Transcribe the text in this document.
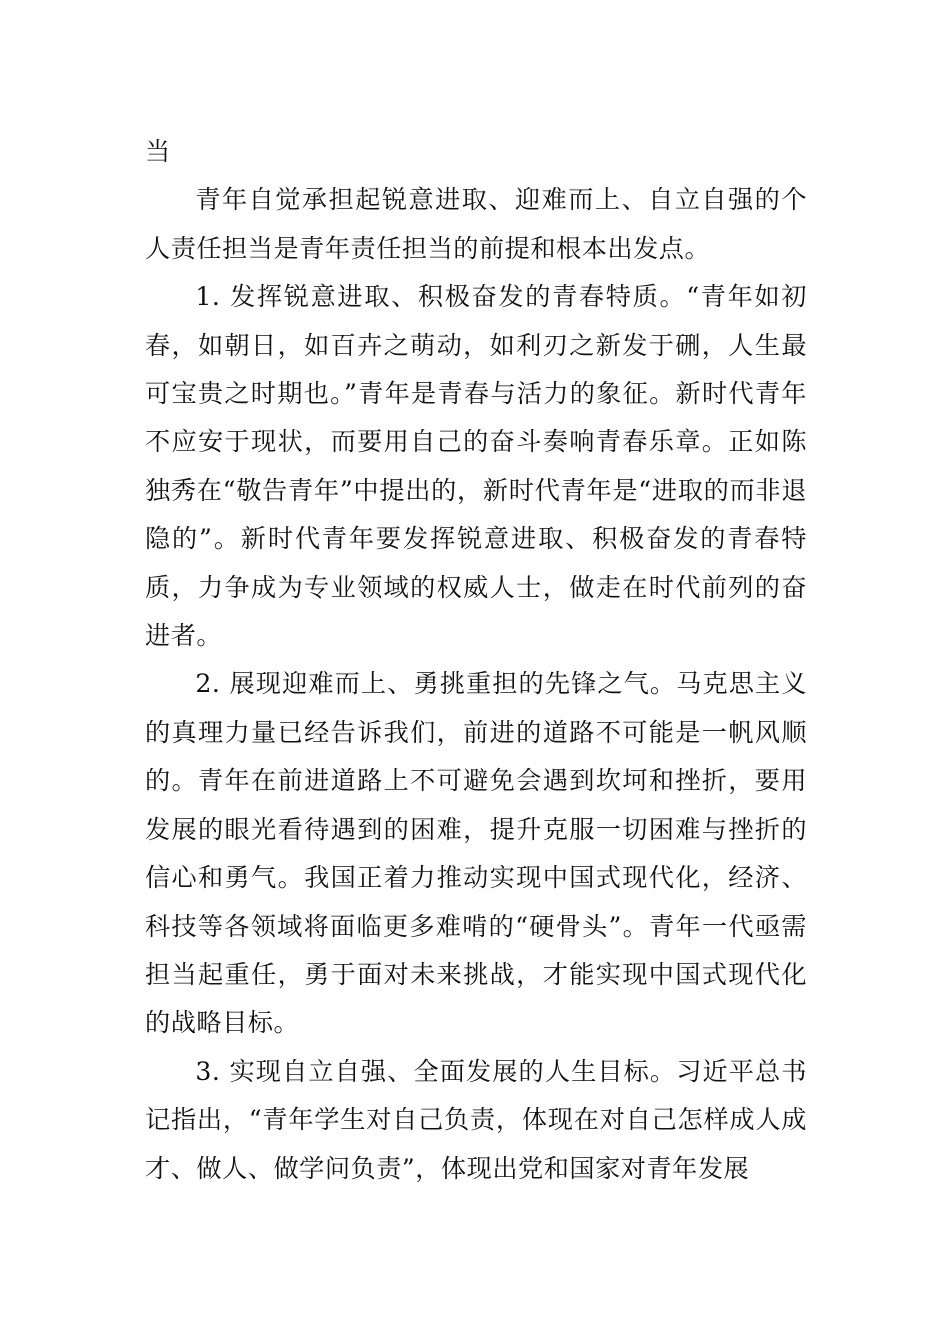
当

青年自觉承担起锐意进取、迎难而上、自立自强的个人责任担当是青年责任担当的前提和根本出发点。

1. 发挥锐意进取、积极奋发的青春特质。“青年如初春，如朝日，如百卉之萌动，如利刃之新发于硎，人生最可宝贵之时期也。”青年是青春与活力的象征。新时代青年不应安于现状，而要用自己的奋斗奏响青春乐章。正如陈独秀在“敬告青年”中提出的，新时代青年是“进取的而非退隐的”。新时代青年要发挥锐意进取、积极奋发的青春特质，力争成为专业领域的权威人士，做走在时代前列的奋进者。

2. 展现迎难而上、勇挑重担的先锋之气。马克思主义的真理力量已经告诉我们，前进的道路不可能是一帆风顺的。青年在前进道路上不可避免会遇到坎坷和挫折，要用发展的眼光看待遇到的困难，提升克服一切困难与挫折的信心和勇气。我国正着力推动实现中国式现代化，经济、科技等各领域将面临更多难啃的“硬骨头”。青年一代亟需担当起重任，勇于面对未来挑战，才能实现中国式现代化的战略目标。

3. 实现自立自强、全面发展的人生目标。习近平总书记指出，“青年学生对自己负责，体现在对自己怎样成人成才、做人、做学问负责”，体现出党和国家对青年发展
